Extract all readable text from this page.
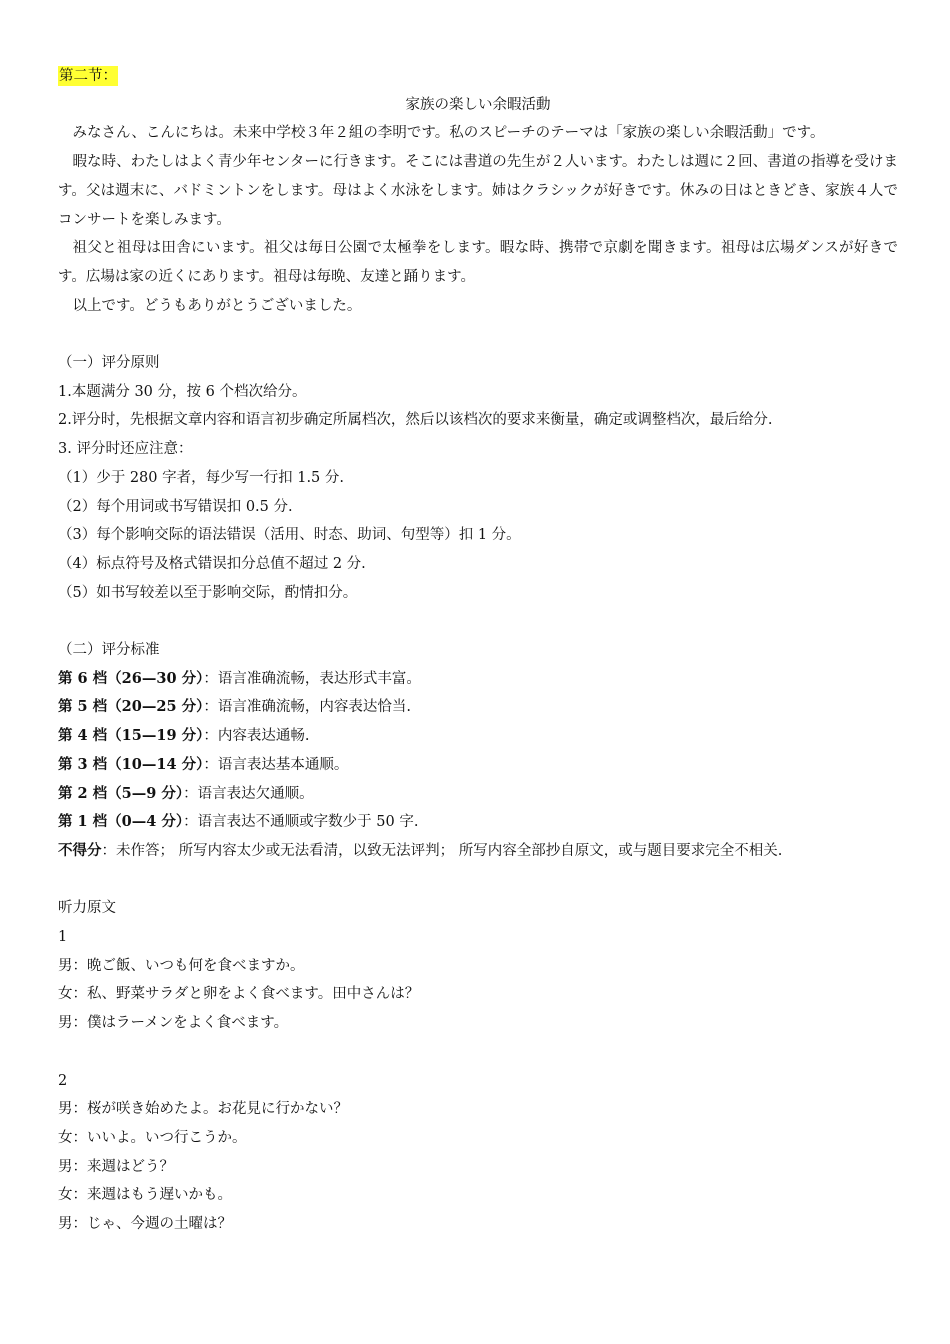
第二节：
家族の楽しい余暇活動
みなさん、こんにちは。未来中学校３年２組の李明です。私のスピーチのテーマは「家族の楽しい余暇活動」です。
暇な時、わたしはよく青少年センターに行きます。そこには書道の先生が２人います。わたしは週に２回、書道の指導を受けます。父は週末に、バドミントンをします。母はよく水泳をします。姉はクラシックが好きです。休みの日はときどき、家族４人でコンサートを楽しみます。
祖父と祖母は田舎にいます。祖父は毎日公園で太極拳をします。暇な時、携帯で京劇を聞きます。祖母は広場ダンスが好きです。広場は家の近くにあります。祖母は毎晩、友達と踊ります。
以上です。どうもありがとうございました。
（一）评分原则
1.本题满分 30 分，按 6 个档次给分。
2.评分时，先根据文章内容和语言初步确定所属档次，然后以该档次的要求来衡量，确定或调整档次，最后给分.
3. 评分时还应注意：
（1）少于 280 字者，每少写一行扣 1.5 分.
（2）每个用词或书写错误扣 0.5 分.
（3）每个影响交际的语法错误（活用、时态、助词、句型等）扣 1 分。
（4）标点符号及格式错误扣分总值不超过 2 分.
（5）如书写较差以至于影响交际，酌情扣分。
（二）评分标准
第 6 档（26—30 分）：语言准确流畅，表达形式丰富。
第 5 档（20—25 分）：语言准确流畅，内容表达恰当.
第 4 档（15—19 分）：内容表达通畅.
第 3 档（10—14 分）：语言表达基本通顺。
第 2 档（5—9 分）：语言表达欠通顺。
第 1 档（0—4 分）：语言表达不通顺或字数少于 50 字.
不得分：未作答； 所写内容太少或无法看清，以致无法评判； 所写内容全部抄自原文，或与题目要求完全不相关.
听力原文
1
男：晩ご飯、いつも何を食べますか。
女：私、野菜サラダと卵をよく食べます。田中さんは？
男：僕はラーメンをよく食べます。
2
男：桜が咲き始めたよ。お花見に行かない？
女：いいよ。いつ行こうか。
男：来週はどう？
女：来週はもう遅いかも。
男：じゃ、今週の土曜は？
